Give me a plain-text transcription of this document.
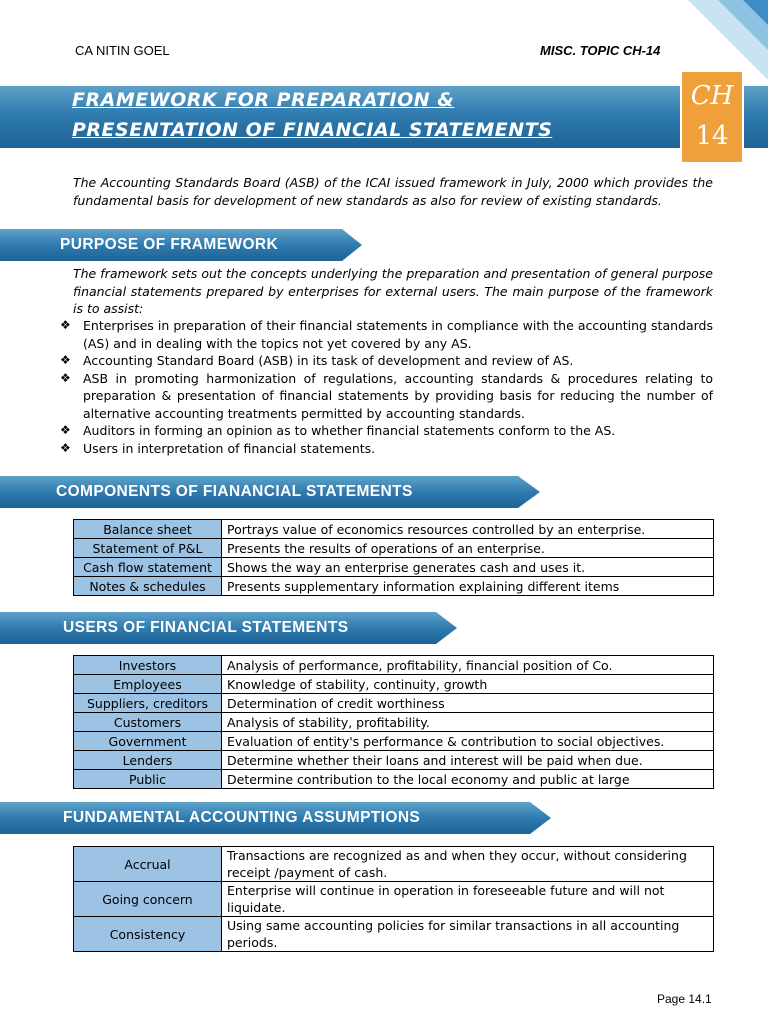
CA NITIN GOEL	MISC. TOPIC CH-14
FRAMEWORK FOR PREPARATION &
PRESENTATION OF FINANCIAL STATEMENTS
CH
14
The Accounting Standards Board (ASB) of the ICAI issued framework in July, 2000 which provides the fundamental basis for development of new standards as also for review of existing standards.
PURPOSE OF FRAMEWORK
The framework sets out the concepts underlying the preparation and presentation of general purpose financial statements prepared by enterprises for external users. The main purpose of the framework is to assist:
❖ Enterprises in preparation of their financial statements in compliance with the accounting standards (AS) and in dealing with the topics not yet covered by any AS.
❖ Accounting Standard Board (ASB) in its task of development and review of AS.
❖ ASB in promoting harmonization of regulations, accounting standards & procedures relating to preparation & presentation of financial statements by providing basis for reducing the number of alternative accounting treatments permitted by accounting standards.
❖ Auditors in forming an opinion as to whether financial statements conform to the AS.
❖ Users in interpretation of financial statements.
COMPONENTS OF FIANANCIAL STATEMENTS
Balance sheet	Portrays value of economics resources controlled by an enterprise.
Statement of P&L	Presents the results of operations of an enterprise.
Cash flow statement	Shows the way an enterprise generates cash and uses it.
Notes & schedules	Presents supplementary information explaining different items
USERS OF FINANCIAL STATEMENTS
Investors	Analysis of performance, profitability, financial position of Co.
Employees	Knowledge of stability, continuity, growth
Suppliers, creditors	Determination of credit worthiness
Customers	Analysis of stability, profitability.
Government	Evaluation of entity's performance & contribution to social objectives.
Lenders	Determine whether their loans and interest will be paid when due.
Public	Determine contribution to the local economy and public at large
FUNDAMENTAL ACCOUNTING ASSUMPTIONS
Accrual	Transactions are recognized as and when they occur, without considering receipt /payment of cash.
Going concern	Enterprise will continue in operation in foreseeable future and will not liquidate.
Consistency	Using same accounting policies for similar transactions in all accounting periods.
Page 14.1
